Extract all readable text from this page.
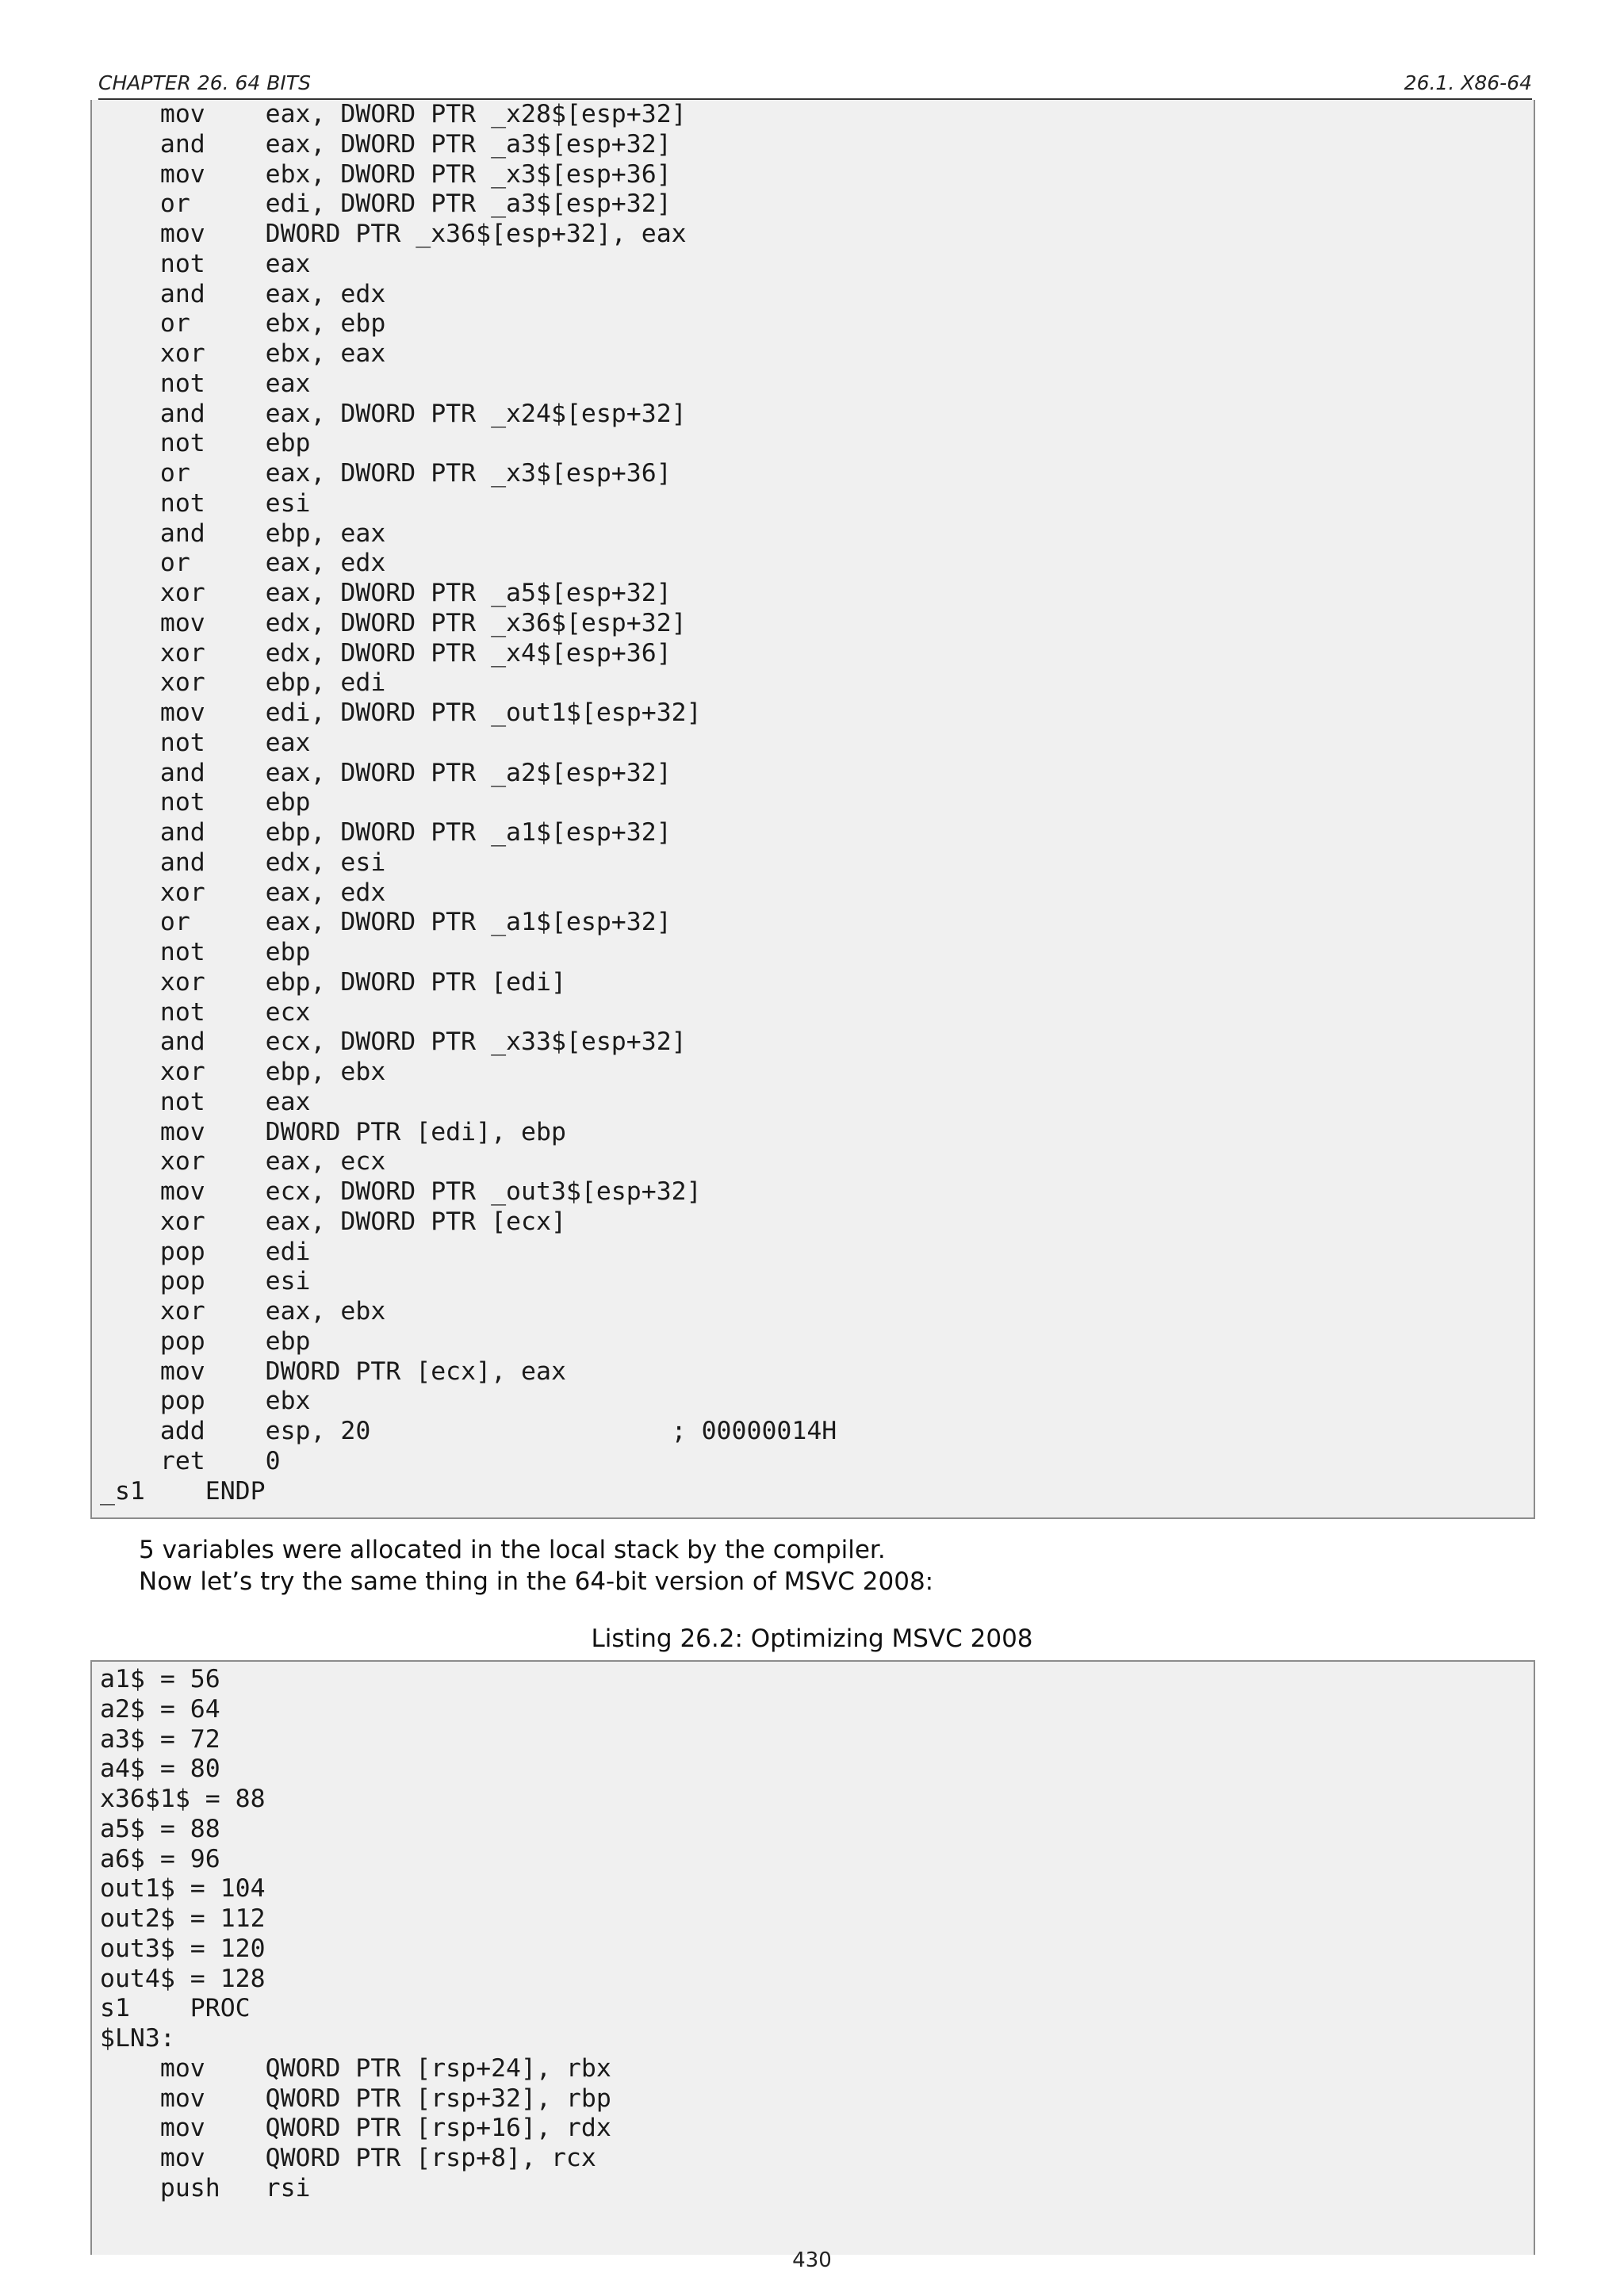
CHAPTER 26. 64 BITS	26.1. X86-64
mov    eax, DWORD PTR _x28$[esp+32]
and    eax, DWORD PTR _a3$[esp+32]
mov    ebx, DWORD PTR _x3$[esp+36]
or     edi, DWORD PTR _a3$[esp+32]
mov    DWORD PTR _x36$[esp+32], eax
not    eax
and    eax, edx
or     ebx, ebp
xor    ebx, eax
not    eax
and    eax, DWORD PTR _x24$[esp+32]
not    ebp
or     eax, DWORD PTR _x3$[esp+36]
not    esi
and    ebp, eax
or     eax, edx
xor    eax, DWORD PTR _a5$[esp+32]
mov    edx, DWORD PTR _x36$[esp+32]
xor    edx, DWORD PTR _x4$[esp+36]
xor    ebp, edi
mov    edi, DWORD PTR _out1$[esp+32]
not    eax
and    eax, DWORD PTR _a2$[esp+32]
not    ebp
and    ebp, DWORD PTR _a1$[esp+32]
and    edx, esi
xor    eax, edx
or     eax, DWORD PTR _a1$[esp+32]
not    ebp
xor    ebp, DWORD PTR [edi]
not    ecx
and    ecx, DWORD PTR _x33$[esp+32]
xor    ebp, ebx
not    eax
mov    DWORD PTR [edi], ebp
xor    eax, ecx
mov    ecx, DWORD PTR _out3$[esp+32]
xor    eax, DWORD PTR [ecx]
pop    edi
pop    esi
xor    eax, ebx
pop    ebp
mov    DWORD PTR [ecx], eax
pop    ebx
add    esp, 20                    ; 00000014H
ret    0
_s1    ENDP
5 variables were allocated in the local stack by the compiler.
Now let’s try the same thing in the 64-bit version of MSVC 2008:
Listing 26.2: Optimizing MSVC 2008
a1$ = 56
a2$ = 64
a3$ = 72
a4$ = 80
x36$1$ = 88
a5$ = 88
a6$ = 96
out1$ = 104
out2$ = 112
out3$ = 120
out4$ = 128
s1    PROC
$LN3:
mov    QWORD PTR [rsp+24], rbx
mov    QWORD PTR [rsp+32], rbp
mov    QWORD PTR [rsp+16], rdx
mov    QWORD PTR [rsp+8], rcx
push   rsi
430
